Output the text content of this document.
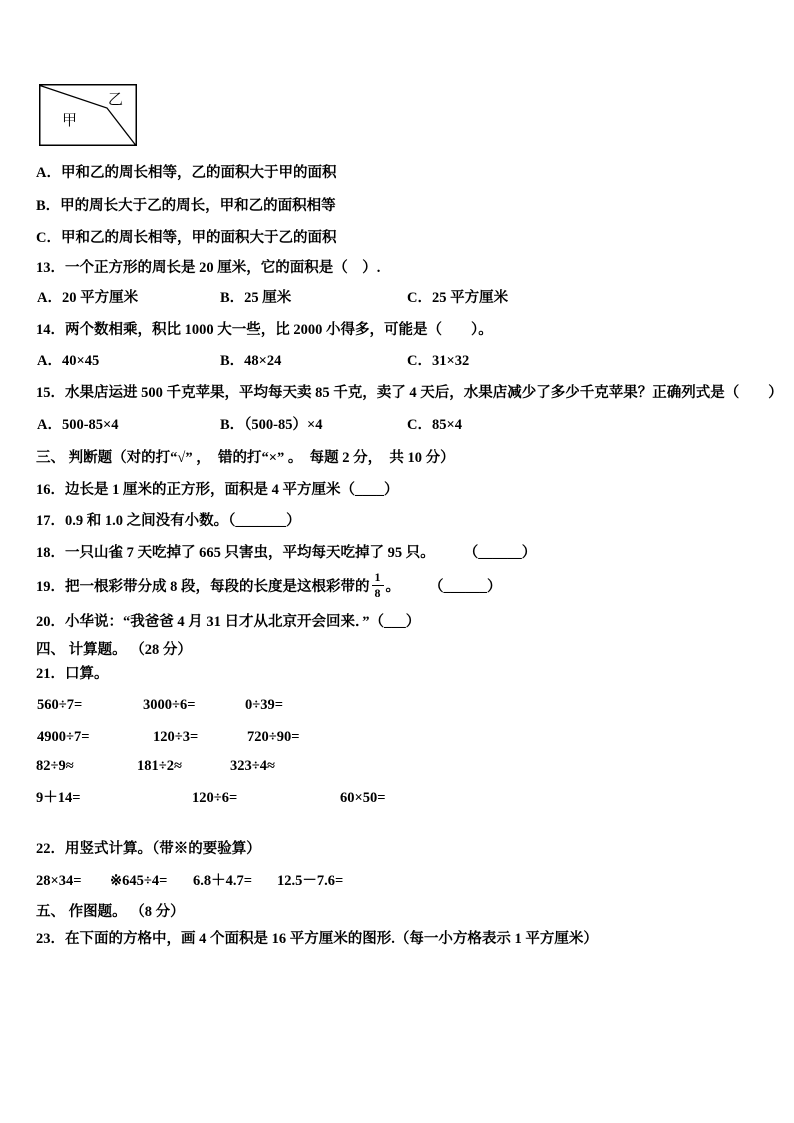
甲
乙
A．甲和乙的周长相等，乙的面积大于甲的面积
B．甲的周长大于乙的周长，甲和乙的面积相等
C．甲和乙的周长相等，甲的面积大于乙的面积
13．一个正方形的周长是 20 厘米，它的面积是（　）.
A．20 平方厘米	B．25 厘米	C．25 平方厘米
14．两个数相乘，积比 1000 大一些，比 2000 小得多，可能是（　　）。
A．40×45	B．48×24	C．31×32
15．水果店运进 500 千克苹果，平均每天卖 85 千克，卖了 4 天后，水果店减少了多少千克苹果？正确列式是（　　）
A．500-85×4	B．（500-85）×4	C．85×4
三、 判断题（对的打“√” ，  错的打“×” 。  每题 2 分，  共 10 分）
16．边长是 1 厘米的正方形，面积是 4 平方厘米（____）
17．0.9 和 1.0 之间没有小数。（_______）
18．一只山雀 7 天吃掉了 665 只害虫，平均每天吃掉了 95 只。　　　（______）
19．把一根彩带分成 8 段，每段的长度是这根彩带的 $\frac{1}{8}$ 。　　　（______）
20．小华说：“我爸爸 4 月 31 日才从北京开会回来．”（___）
四、 计算题。 （28 分）
21．口算。
560÷7=	3000÷6=	0÷39=
4900÷7=	120÷3=	720÷90=
82÷9≈	181÷2≈	323÷4≈
9＋14=	120÷6=	60×50=
22．用竖式计算。（带※的要验算）
28×34= ※645÷4= 6.8＋4.7= 12.5－7.6=
五、 作图题。 （8 分）
23．在下面的方格中，画 4 个面积是 16 平方厘米的图形.（每一小方格表示 1 平方厘米）
